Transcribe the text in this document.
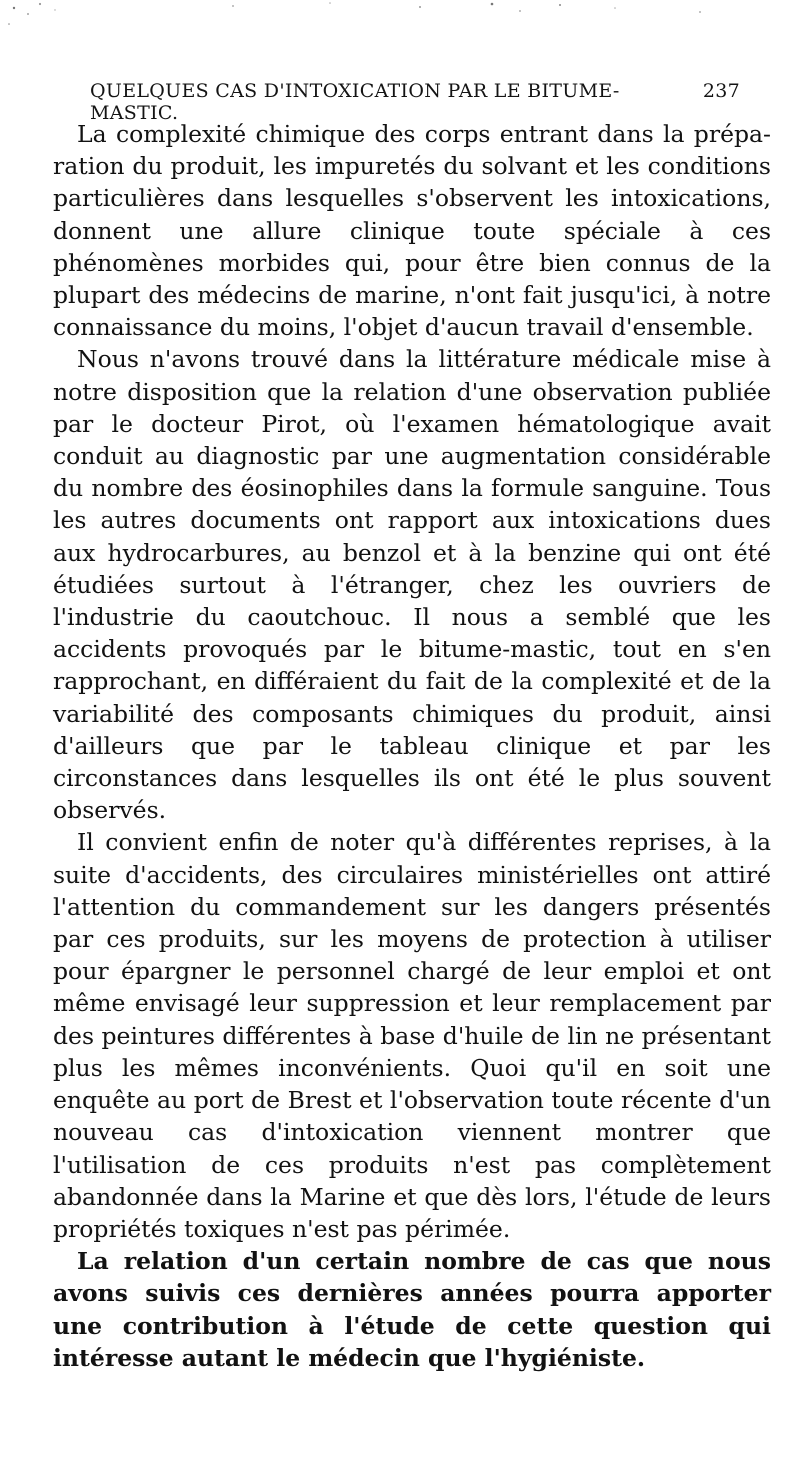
QUELQUES CAS D'INTOXICATION PAR LE BITUME-MASTIC.
237

La complexité chimique des corps entrant dans la préparation du produit, les impuretés du solvant et les conditions particulières dans lesquelles s'observent les intoxications, donnent une allure clinique toute spéciale à ces phénomènes morbides qui, pour être bien connus de la plupart des médecins de marine, n'ont fait jusqu'ici, à notre connaissance du moins, l'objet d'aucun travail d'ensemble.

Nous n'avons trouvé dans la littérature médicale mise à notre disposition que la relation d'une observation publiée par le docteur Pirot, où l'examen hématologique avait conduit au diagnostic par une augmentation considérable du nombre des éosinophiles dans la formule sanguine. Tous les autres documents ont rapport aux intoxications dues aux hydrocarbures, au benzol et à la benzine qui ont été étudiées surtout à l'étranger, chez les ouvriers de l'industrie du caoutchouc. Il nous a semblé que les accidents provoqués par le bitume-mastic, tout en s'en rapprochant, en différaient du fait de la complexité et de la variabilité des composants chimiques du produit, ainsi d'ailleurs que par le tableau clinique et par les circonstances dans lesquelles ils ont été le plus souvent observés.

Il convient enfin de noter qu'à différentes reprises, à la suite d'accidents, des circulaires ministérielles ont attiré l'attention du commandement sur les dangers présentés par ces produits, sur les moyens de protection à utiliser pour épargner le personnel chargé de leur emploi et ont même envisagé leur suppression et leur remplacement par des peintures différentes à base d'huile de lin ne présentant plus les mêmes inconvénients. Quoi qu'il en soit une enquête au port de Brest et l'observation toute récente d'un nouveau cas d'intoxication viennent montrer que l'utilisation de ces produits n'est pas complètement abandonnée dans la Marine et que dès lors, l'étude de leurs propriétés toxiques n'est pas périmée.

La relation d'un certain nombre de cas que nous avons suivis ces dernières années pourra apporter une contribution à l'étude de cette question qui intéresse autant le médecin que l'hygiéniste.
